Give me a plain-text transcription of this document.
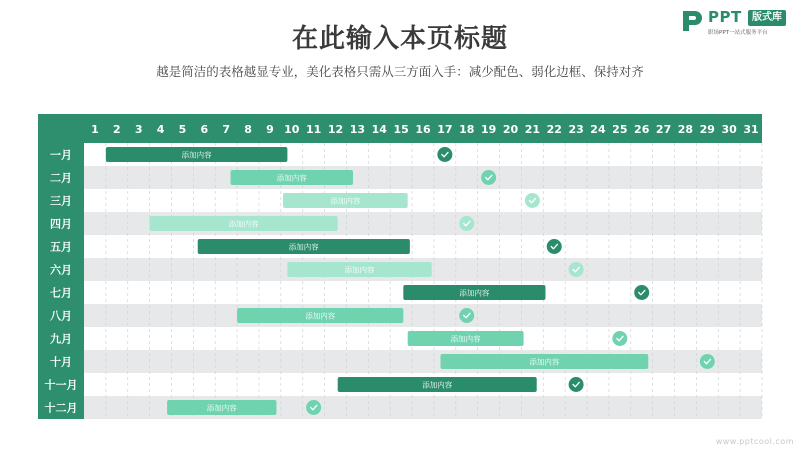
在此输入本页标题
越是简洁的表格越显专业，美化表格只需从三方面入手：减少配色、弱化边框、保持对齐
PPT	版式库
职场PPT一站式服务平台
1 2 3 4 5 6 7 8 9 10 11 12 13 14 15 16 17 18 19 20 21 22 23 24 25 26 27 28 29 30 31
一月
二月
三月
四月
五月
六月
七月
八月
九月
十月
十一月
十二月
添加内容
添加内容
添加内容
添加内容
添加内容
添加内容
添加内容
添加内容
添加内容
添加内容
添加内容
添加内容
www.pptcool.com
